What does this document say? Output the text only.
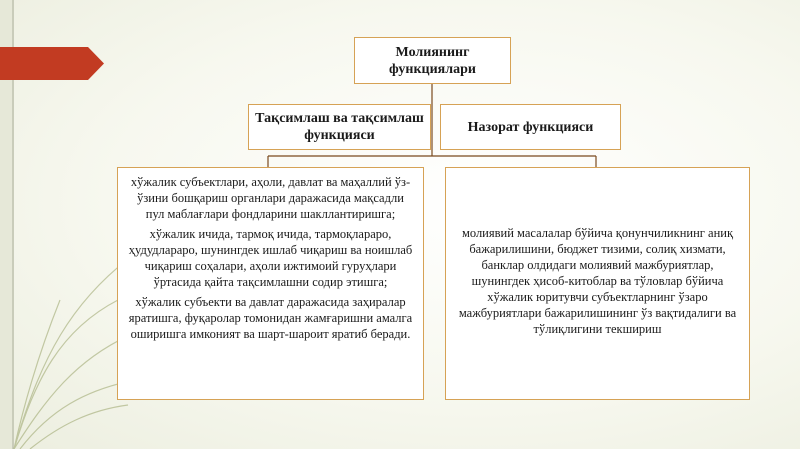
Молиянинг функциялари
Тақсимлаш ва тақсимлаш функцияси
Назорат функцияси

хўжалик субъектлари, аҳоли, давлат ва маҳаллий ўз-ўзини бошқариш органлари даражасида мақсадли пул маблағлари фондларини шакллантиришга;

хўжалик ичида, тармоқ ичида, тармоқлараро, ҳудудлараро, шунингдек ишлаб чиқариш ва ноишлаб чиқариш соҳалари, аҳоли ижтимоий гуруҳлари ўртасида қайта тақсимлашни содир этишга;

хўжалик субъекти ва давлат даражасида заҳиралар яратишга, фуқаролар томонидан жамғаришни амалга оширишга имконият ва шарт-шароит яратиб беради.

молиявий масалалар бўйича қонунчиликнинг аниқ бажарилишини, бюджет тизими, солиқ хизмати, банклар олдидаги молиявий мажбуриятлар, шунингдек ҳисоб-китоблар ва тўловлар бўйича хўжалик юритувчи субъектларнинг ўзаро мажбуриятлари бажарилишининг ўз вақтидалиги ва тўлиқлигини текшириш
